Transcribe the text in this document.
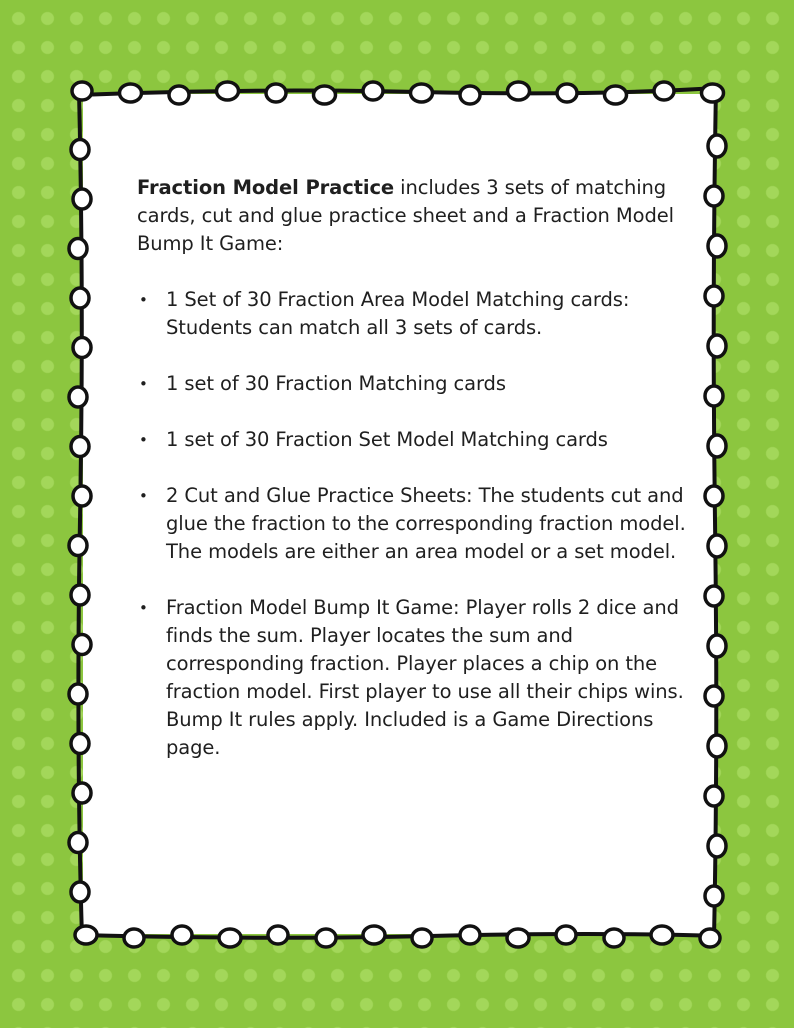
Fraction Model Practice includes 3 sets of matching cards, cut and glue practice sheet and a Fraction Model Bump It Game:

• 1 Set of 30 Fraction Area Model Matching cards: Students can match all 3 sets of cards.
• 1 set of 30 Fraction Matching cards
• 1 set of 30 Fraction Set Model Matching cards
• 2 Cut and Glue Practice Sheets: The students cut and glue the fraction to the corresponding fraction model. The models are either an area model or a set model.
• Fraction Model Bump It Game: Player rolls 2 dice and finds the sum. Player locates the sum and corresponding fraction. Player places a chip on the fraction model. First player to use all their chips wins. Bump It rules apply. Included is a Game Directions page.
